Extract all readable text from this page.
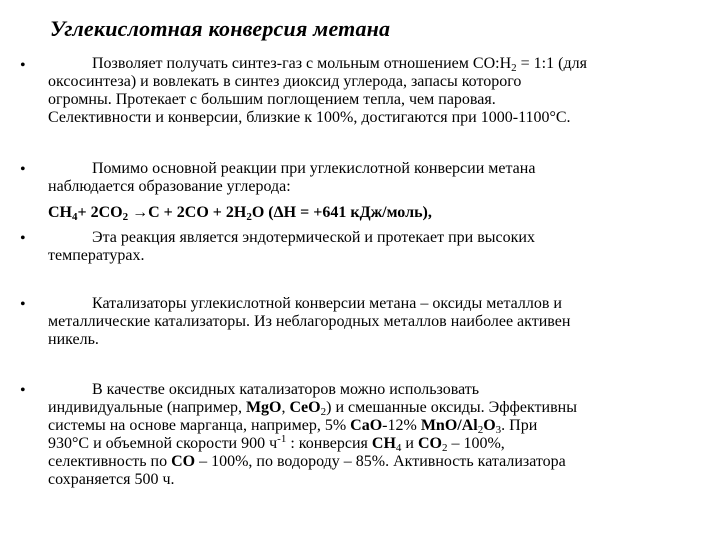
Углекислотная конверсия метана
•	Позволяет получать синтез-газ с мольным отношением $CO:H_2$ = 1:1 (для
оксосинтеза) и вовлекать в синтез диоксид углерода, запасы которого
огромны. Протекает с большим поглощением тепла, чем паровая.
Селективности и конверсии, близкие к 100%, достигаются при 1000-1100°С.
•	Помимо основной реакции при углекислотной конверсии метана
наблюдается образование углерода:
$CH_4+ 2CO_2 \to C + 2CO + 2H_2O$ (ΔН = +641 кДж/моль),
•	Эта реакция является эндотермической и протекает при высоких
температурах.
•	Катализаторы углекислотной конверсии метана – оксиды металлов и
металлические катализаторы. Из неблагородных металлов наиболее активен
никель.
•	В качестве оксидных катализаторов можно использовать
индивидуальные (например, MgO, CeO$_2$) и смешанные оксиды. Эффективны
системы на основе марганца, например, 5% CaO-12% MnO/$Al_2O_3$. При
930°С и объемной скорости 900 $ч^{-1}$ : конверсия $CH_4$ и $CO_2 - 100\%$,
селективность по CO – 100%, по водороду – 85%. Активность катализатора
сохраняется 500 ч.
